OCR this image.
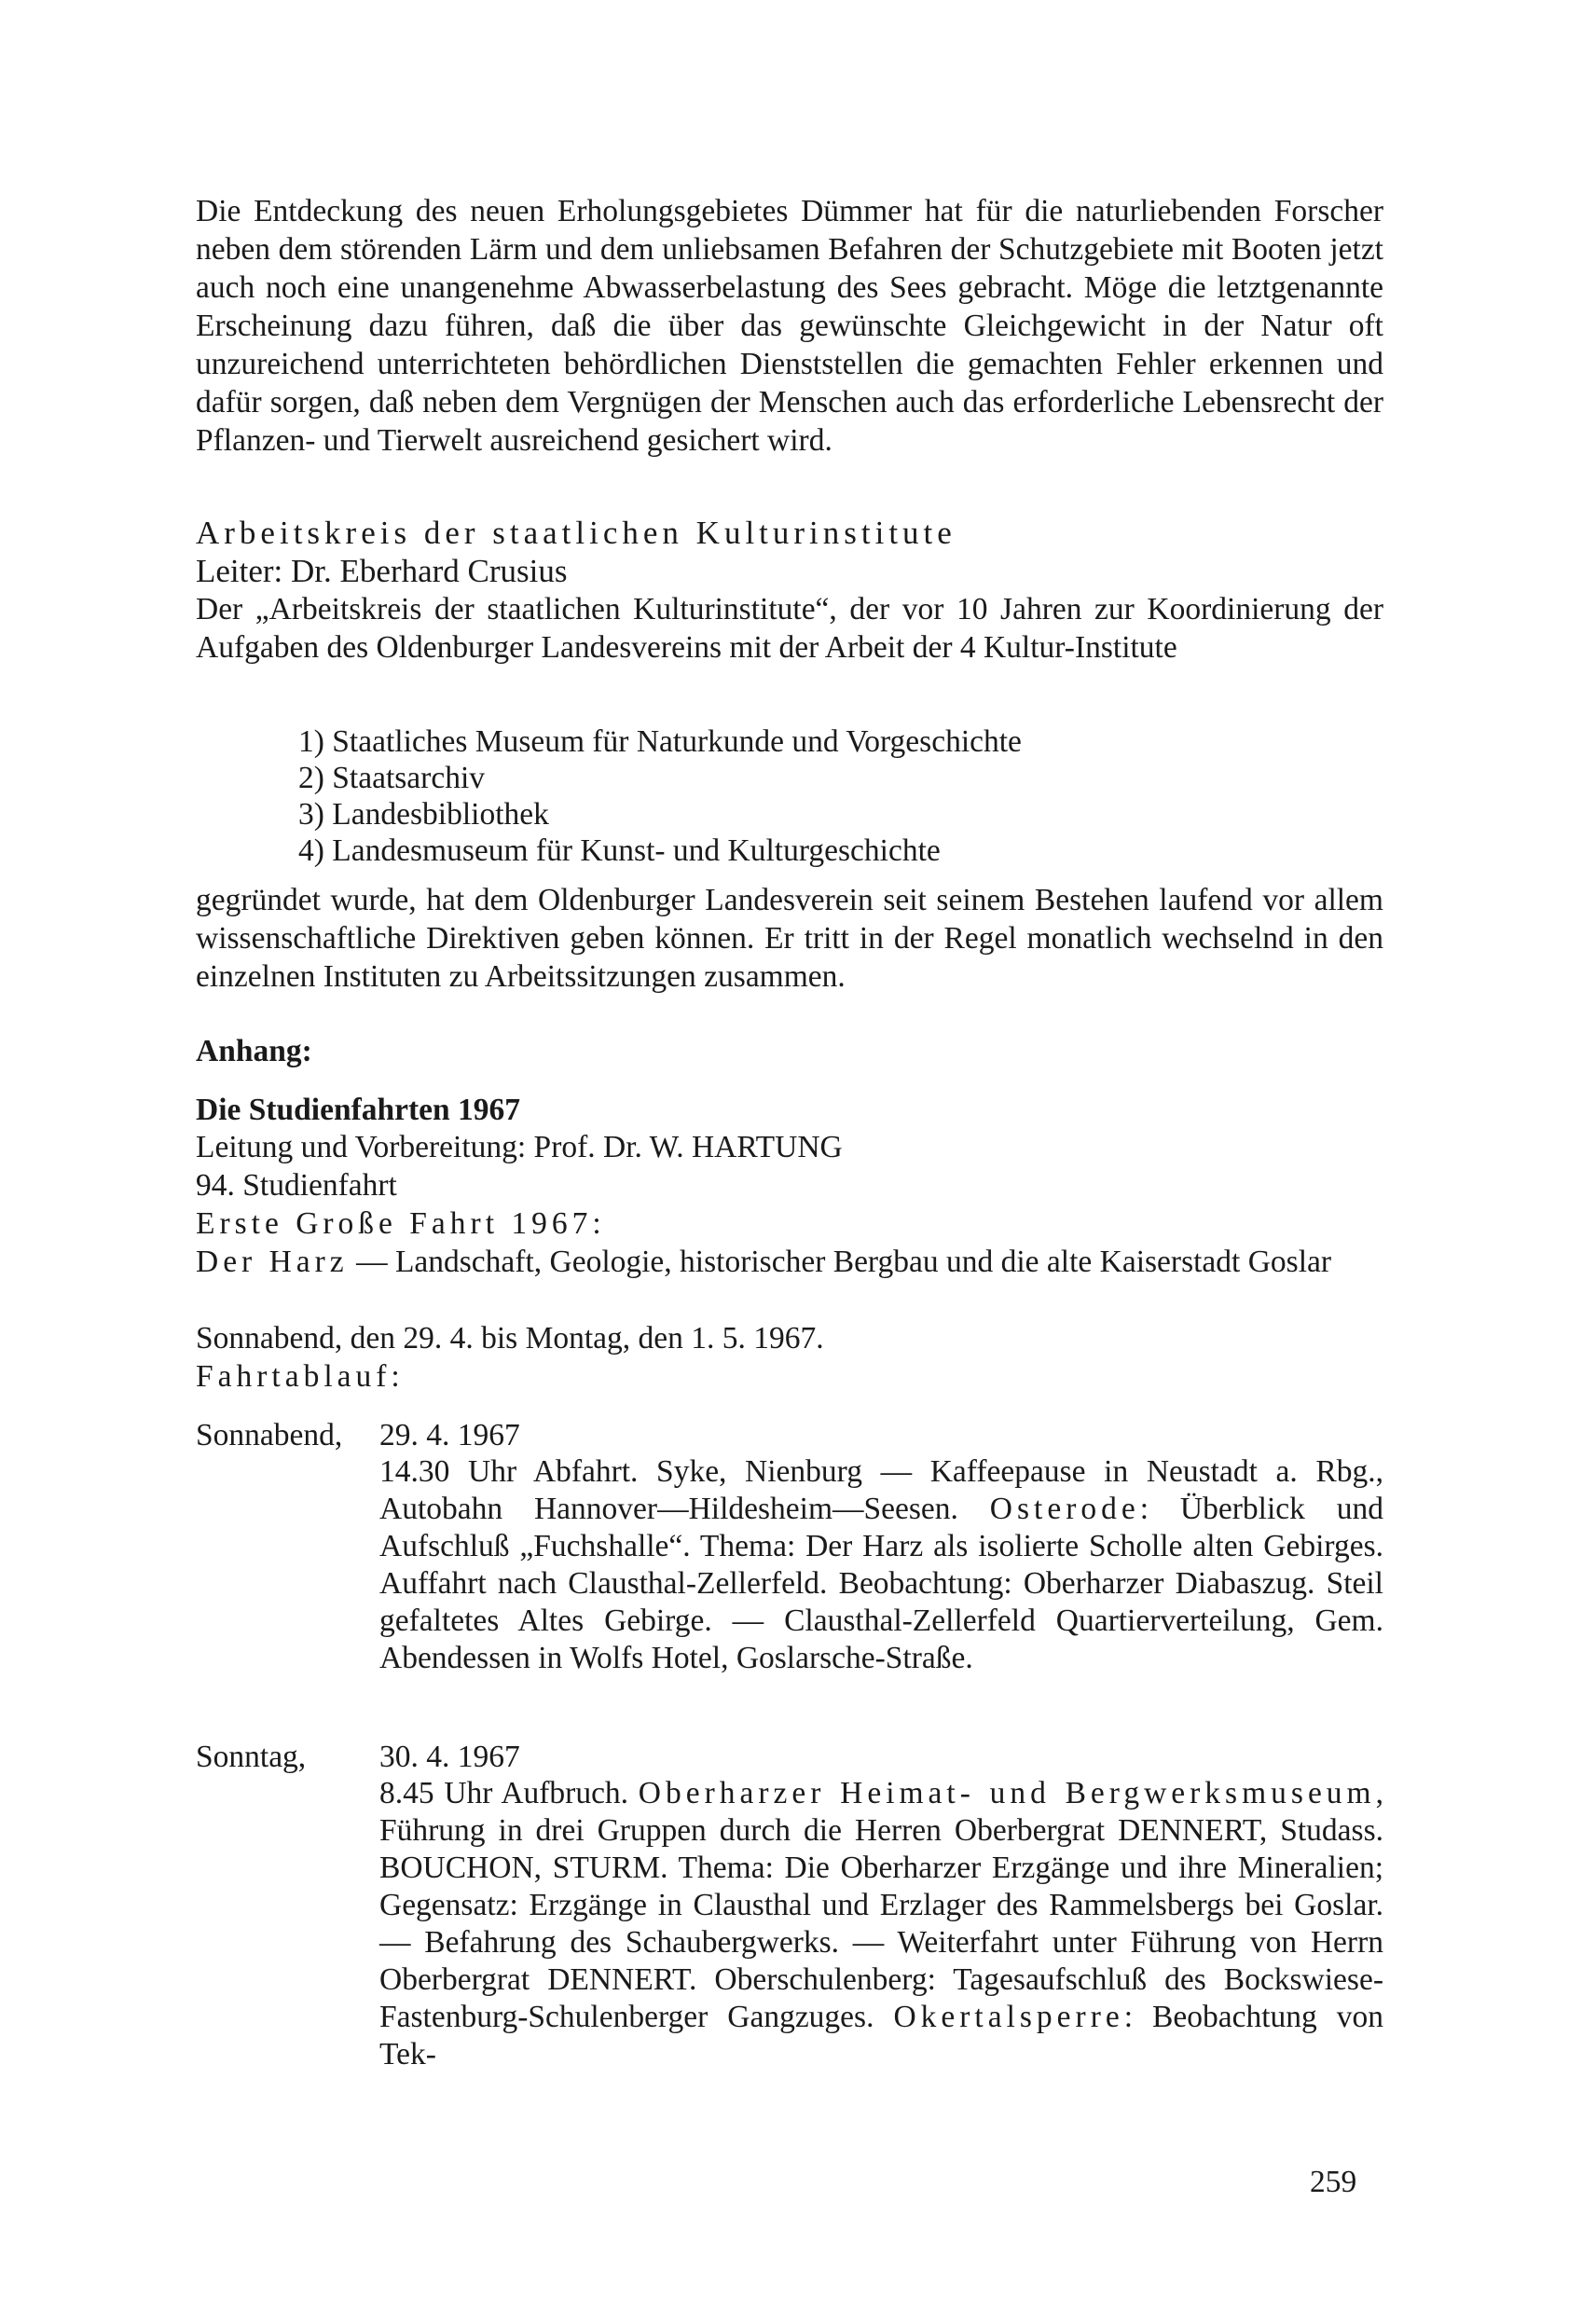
Die Entdeckung des neuen Erholungsgebietes Dümmer hat für die naturliebenden Forscher neben dem störenden Lärm und dem unliebsamen Befahren der Schutzgebiete mit Booten jetzt auch noch eine unangenehme Abwasserbelastung des Sees gebracht. Möge die letztgenannte Erscheinung dazu führen, daß die über das gewünschte Gleichgewicht in der Natur oft unzureichend unterrichteten behördlichen Dienststellen die gemachten Fehler erkennen und dafür sorgen, daß neben dem Vergnügen der Menschen auch das erforderliche Lebensrecht der Pflanzen- und Tierwelt ausreichend gesichert wird.

Arbeitskreis der staatlichen Kulturinstitute
Leiter: Dr. Eberhard Crusius

Der „Arbeitskreis der staatlichen Kulturinstitute“, der vor 10 Jahren zur Koordinierung der Aufgaben des Oldenburger Landesvereins mit der Arbeit der 4 Kultur-Institute

1) Staatliches Museum für Naturkunde und Vorgeschichte
2) Staatsarchiv
3) Landesbibliothek
4) Landesmuseum für Kunst- und Kulturgeschichte

gegründet wurde, hat dem Oldenburger Landesverein seit seinem Bestehen laufend vor allem wissenschaftliche Direktiven geben können. Er tritt in der Regel monatlich wechselnd in den einzelnen Instituten zu Arbeitssitzungen zusammen.

Anhang:
Die Studienfahrten 1967
Leitung und Vorbereitung: Prof. Dr. W. HARTUNG
94. Studienfahrt
Erste Große Fahrt 1967:

Der Harz — Landschaft, Geologie, historischer Bergbau und die alte Kaiserstadt Goslar

Sonnabend, den 29. 4. bis Montag, den 1. 5. 1967.
Fahrtablauf:
Sonnabend, 29. 4. 1967

14.30 Uhr Abfahrt. Syke, Nienburg — Kaffeepause in Neustadt a. Rbg., Autobahn Hannover—Hildesheim—Seesen. Osterode: Überblick und Aufschluß „Fuchshalle“. Thema: Der Harz als isolierte Scholle alten Gebirges. Auffahrt nach Clausthal-Zellerfeld. Beobachtung: Oberharzer Diabaszug. Steil gefaltetes Altes Gebirge. — Clausthal-Zellerfeld Quartierverteilung, Gem. Abendessen in Wolfs Hotel, Goslarsche-Straße.

Sonntag, 30. 4. 1967

8.45 Uhr Aufbruch. Oberharzer Heimat- und Bergwerksmuseum, Führung in drei Gruppen durch die Herren Oberbergrat DENNERT, Studass. BOUCHON, STURM. Thema: Die Oberharzer Erzgänge und ihre Mineralien; Gegensatz: Erzgänge in Clausthal und Erzlager des Rammelsbergs bei Goslar. — Befahrung des Schaubergwerks. — Weiterfahrt unter Führung von Herrn Oberbergrat DENNERT. Oberschulenberg: Tagesaufschluß des Bockswiese-Fastenburg-Schulenberger Gangzuges. Okertalsperre: Beobachtung von Tek-

259
